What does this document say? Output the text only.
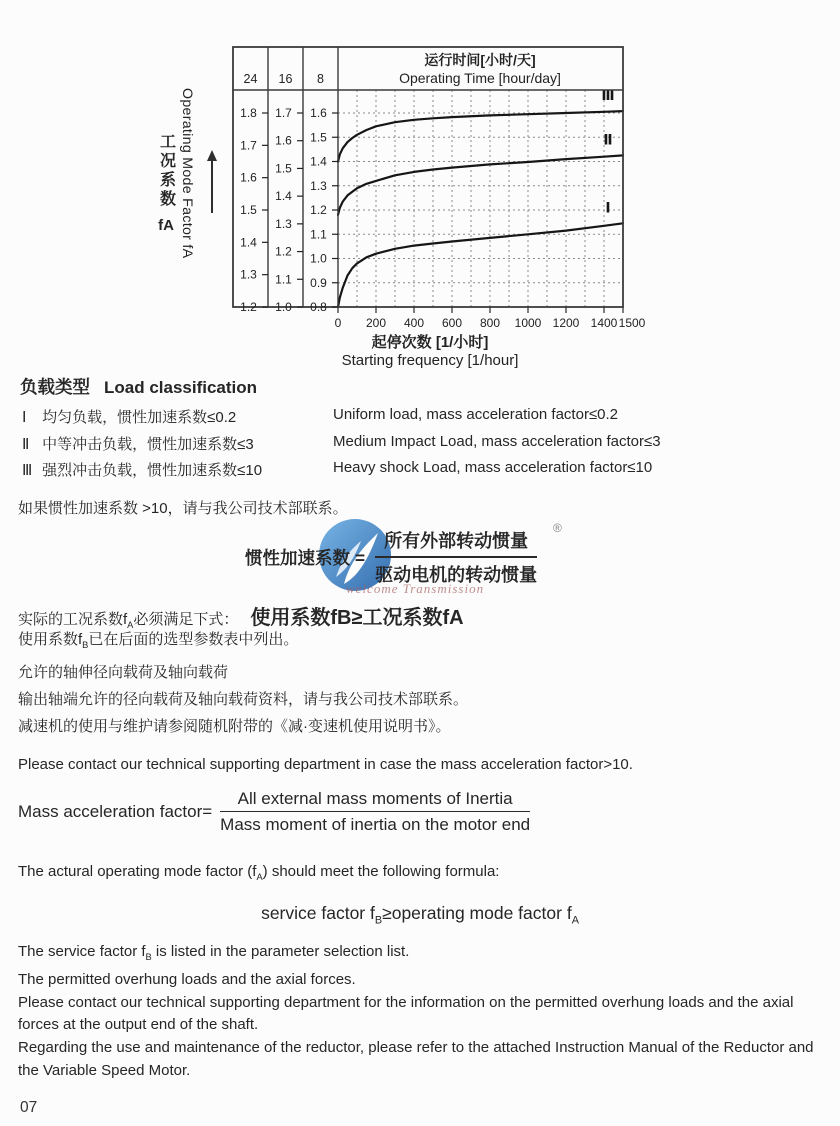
Ⅲ
Ⅱ
Ⅰ
运行时间[小时/天]
Operating Time [hour/day]
24
1.8
1.7
1.6
1.5
1.4
1.3
1.2
16
1.7
1.6
1.5
1.4
1.3
1.2
1.1
1.0
8
1.6
1.5
1.4
1.3
1.2
1.1
1.0
0.9
0.8
0 200 400 600 800 1000 1200 1400 1500
起停次数 [1/小时]
Starting frequency [1/hour]
工况系数
fA Operating Mode Factor fA
负载类型 Load classification
Ⅰ 均匀负载，惯性加速系数≤0.2	Uniform load, mass acceleration factor≤0.2
Ⅱ 中等冲击负载，惯性加速系数≤3	Medium Impact Load, mass acceleration factor≤3
Ⅲ 强烈冲击负载，惯性加速系数≤10	Heavy shock Load, mass acceleration factor≤10
如果惯性加速系数 >10，请与我公司技术部联系。
惯性加速系数 = $\frac{\text{所有外部转动惯量}}{\text{驱动电机的转动惯量}}$ ®
welcome Transmission
实际的工况系数$f_A$必须满足下式： 使用系数fB≥工况系数fA
使用系数$f_B$已在后面的选型参数表中列出。
允许的轴伸径向载荷及轴向载荷
输出轴端允许的径向载荷及轴向载荷资料，请与我公司技术部联系。
减速机的使用与维护请参阅随机附带的《减·变速机使用说明书》。
Please contact our technical supporting department in case the mass acceleration factor>10.
Mass acceleration factor= $\frac{\text{All external mass moments of Inertia}}{\text{Mass moment of inertia on the motor end}}$
The actural operating mode factor $(f_A)$ should meet the following formula:
service factor $f_B\ge operating$ mode factor $f_A$
The service factor $f_B$ is listed in the parameter selection list.
The permitted overhung loads and the axial forces.
Please contact our technical supporting department for the information on the permitted overhung loads and the axial forces at the output end of the shaft.
Regarding the use and maintenance of the reductor, please refer to the attached Instruction Manual of the Reductor and the Variable Speed Motor.
07
